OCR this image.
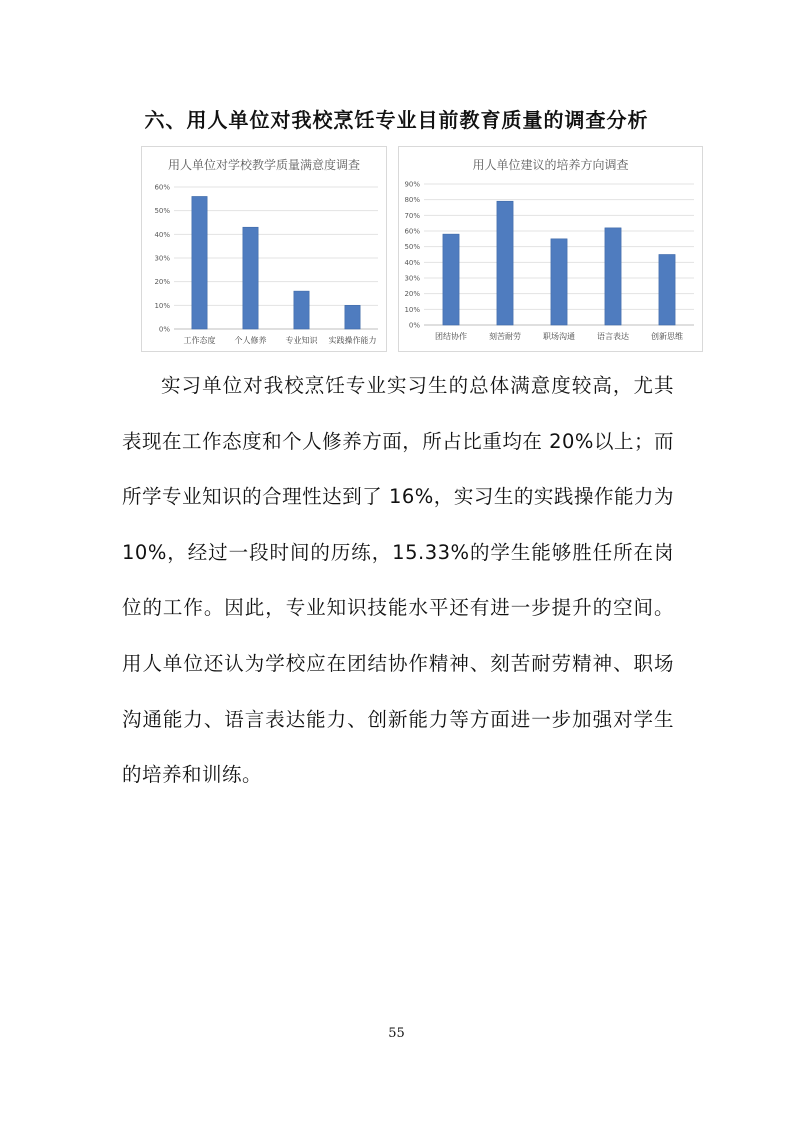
六、用人单位对我校烹饪专业目前教育质量的调查分析
用人单位对学校教学质量满意度调查
0%
10%
20%
30%
40%
50%
60%
工作态度 个人修养 专业知识 实践操作能力
用人单位建议的培养方向调查
0%
10%
20%
30%
40%
50%
60%
70%
80%
90%
团结协作	刻苦耐劳	职场沟通	语言表达	创新思维

实习单位对我校烹饪专业实习生的总体满意度较高，尤其表现在工作态度和个人修养方面，所占比重均在 20%以上；而所学专业知识的合理性达到了 16%，实习生的实践操作能力为 10%，经过一段时间的历练，15.33%的学生能够胜任所在岗位的工作。因此，专业知识技能水平还有进一步提升的空间。用人单位还认为学校应在团结协作精神、刻苦耐劳精神、职场沟通能力、语言表达能力、创新能力等方面进一步加强对学生的培养和训练。

55
